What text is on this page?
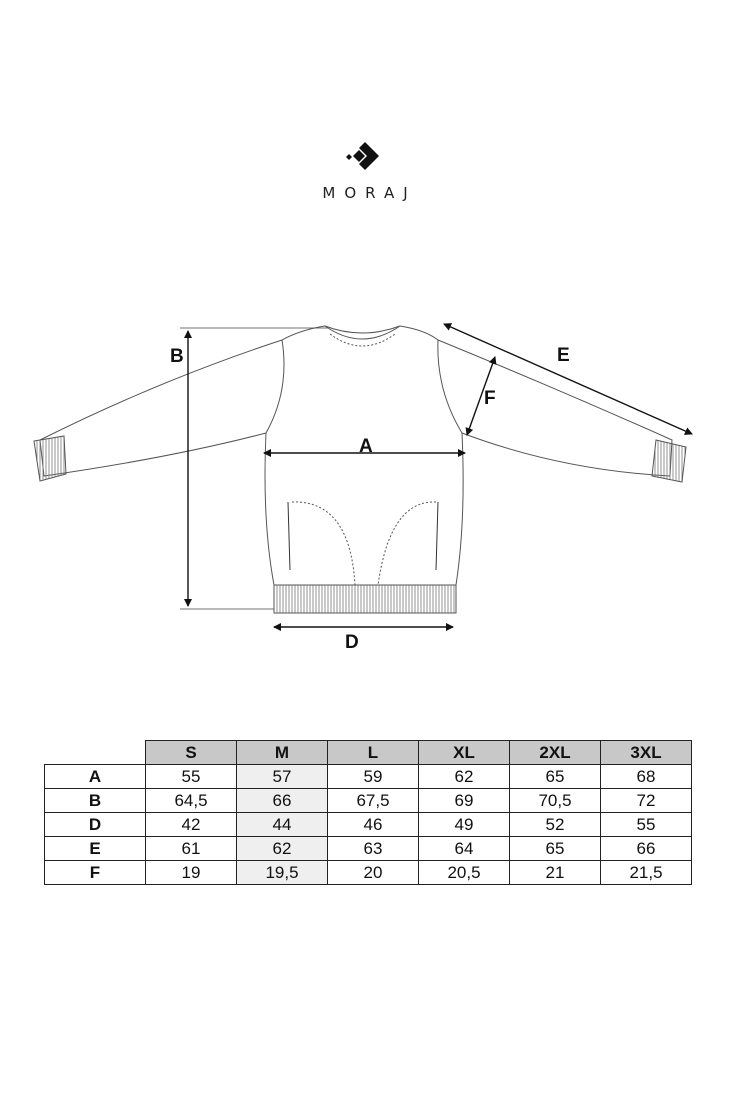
MORAJ
B
A
D
E
F
	S	M	L	XL	2XL	3XL
A	55	57	59	62	65	68
B	64,5	66	67,5	69	70,5	72
D	42	44	46	49	52	55
E	61	62	63	64	65	66
F	19	19,5	20	20,5	21	21,5
